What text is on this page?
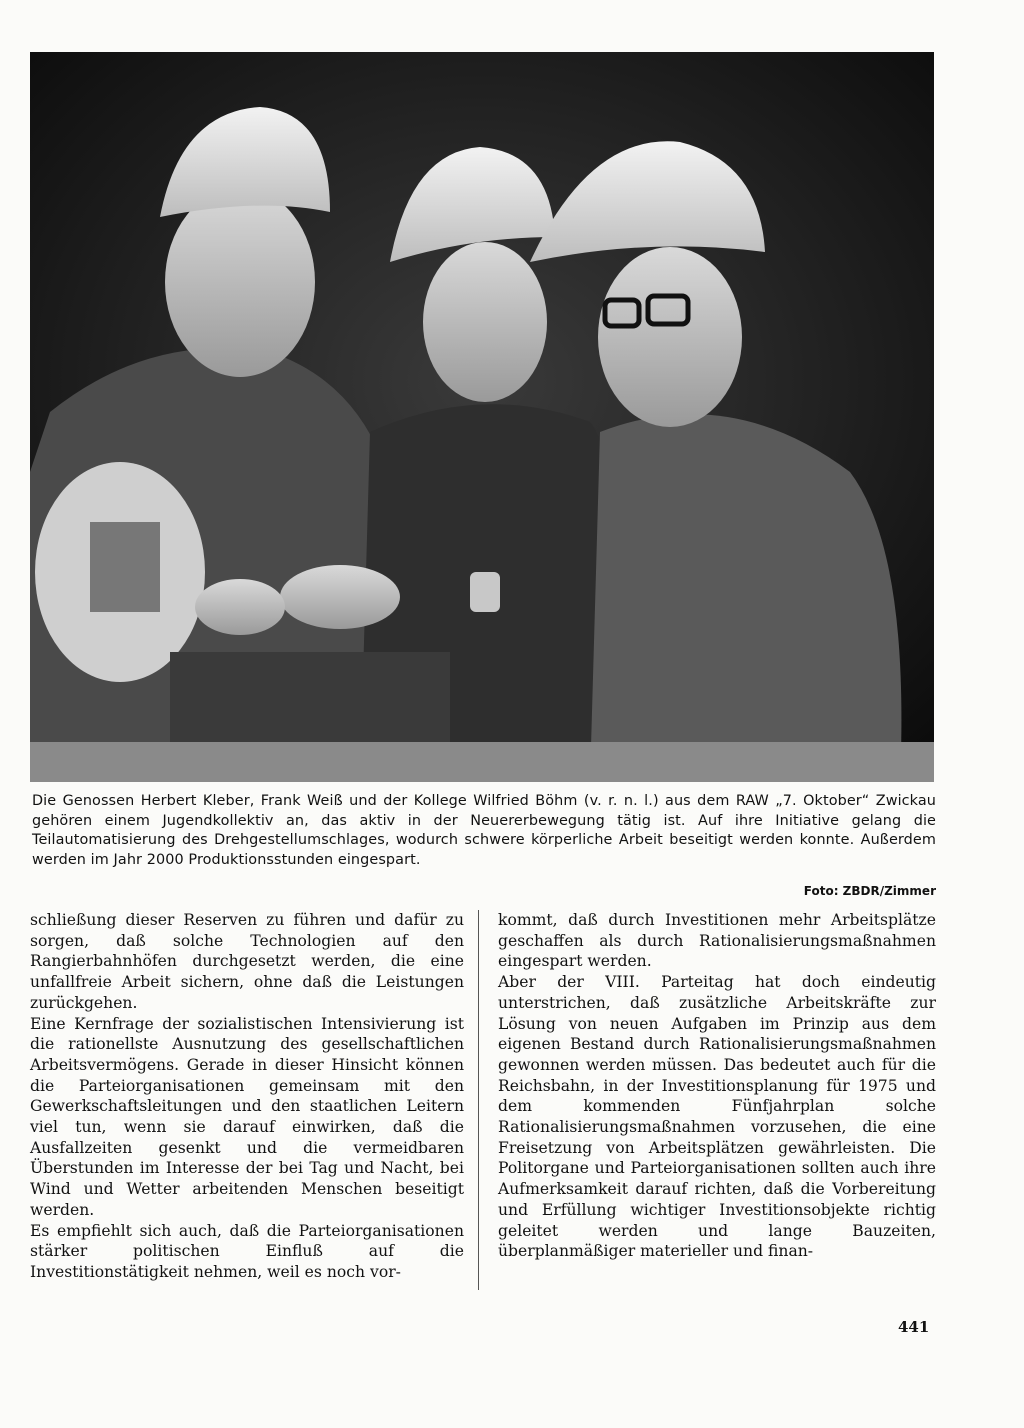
Die Genossen Herbert Kleber, Frank Weiß und der Kollege Wilfried Böhm (v. r. n. l.) aus dem RAW „7. Oktober“ Zwickau gehören einem Jugendkollektiv an, das aktiv in der Neuererbewegung tätig ist. Auf ihre Initiative gelang die Teilautomatisierung des Drehgestellumschlages, wodurch schwere körperliche Arbeit beseitigt werden konnte. Außerdem werden im Jahr 2000 Produktionsstunden eingespart.

Foto: ZBDR/Zimmer

schließung dieser Reserven zu führen und dafür zu sorgen, daß solche Technologien auf den Rangierbahnhöfen durchgesetzt werden, die eine unfallfreie Arbeit sichern, ohne daß die Leistungen zurückgehen.

Eine Kernfrage der sozialistischen Intensivierung ist die rationellste Ausnutzung des gesellschaftlichen Arbeitsvermögens. Gerade in dieser Hinsicht können die Parteiorganisationen gemeinsam mit den Gewerkschaftsleitungen und den staatlichen Leitern viel tun, wenn sie darauf einwirken, daß die Ausfallzeiten gesenkt und die vermeidbaren Überstunden im Interesse der bei Tag und Nacht, bei Wind und Wetter arbeitenden Menschen beseitigt werden.

Es empfiehlt sich auch, daß die Parteiorganisationen stärker politischen Einfluß auf die Investitionstätigkeit nehmen, weil es noch vor-

kommt, daß durch Investitionen mehr Arbeitsplätze geschaffen als durch Rationalisierungsmaßnahmen eingespart werden.

Aber der VIII. Parteitag hat doch eindeutig unterstrichen, daß zusätzliche Arbeitskräfte zur Lösung von neuen Aufgaben im Prinzip aus dem eigenen Bestand durch Rationalisierungsmaßnahmen gewonnen werden müssen. Das bedeutet auch für die Reichsbahn, in der Investitionsplanung für 1975 und dem kommenden Fünfjahrplan solche Rationalisierungsmaßnahmen vorzusehen, die eine Freisetzung von Arbeitsplätzen gewährleisten. Die Politorgane und Parteiorganisationen sollten auch ihre Aufmerksamkeit darauf richten, daß die Vorbereitung und Erfüllung wichtiger Investitionsobjekte richtig geleitet werden und lange Bauzeiten, überplanmäßiger materieller und finan-

441
